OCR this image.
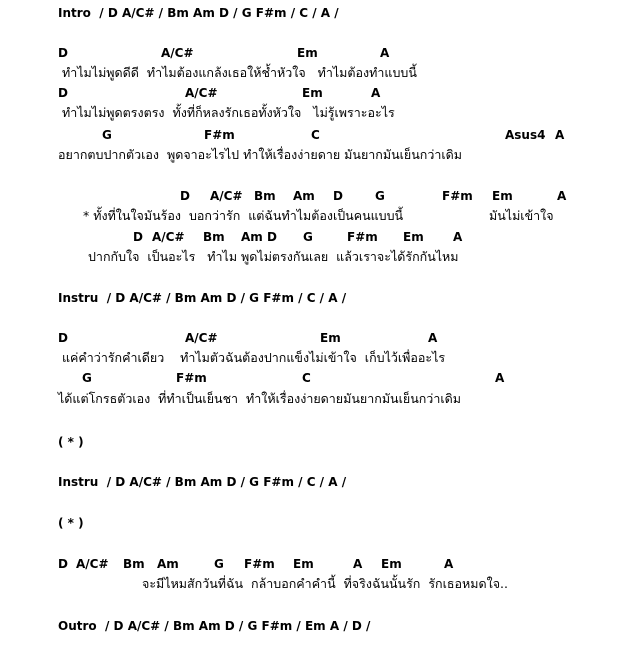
Intro  / D A/C# / Bm Am D / G F#m / C / A /
D	A/C#	Em	A
ทำไมไม่พูดดีดี  ทำไมต้องแกล้งเธอให้ช้ำหัวใจ   ทำไมต้องทำแบบนี้
D	A/C#	Em	A
ทำไมไม่พูดตรงตรง  ทั้งที่ก็หลงรักเธอทั้งหัวใจ   ไม่รู้เพราะอะไร
G	F#m	C	Asus4 A
อยากตบปากตัวเอง  พูดจาอะไรไป ทำให้เรื่องง่ายดาย มันยากมันเย็นกว่าเดิม
D A/C# Bm Am D	G	F#m Em	A
* ทั้งที่ในใจมันร้อง  บอกว่ารัก  แต่ฉันทำไมต้องเป็นคนแบบนี้	มันไม่เข้าใจ
D A/C# Bm Am D G	F#m Em A
ปากกับใจ  เป็นอะไร   ทำไม พูดไม่ตรงกันเลย  แล้วเราจะได้รักกันไหม
Instru  / D A/C# / Bm Am D / G F#m / C / A /
D	A/C#	Em	A
แค่คำว่ารักคำเดียว    ทำไมตัวฉันต้องปากแข็งไม่เข้าใจ  เก็บไว้เพื่ออะไร
G	F#m	C	A
ได้แต่โกรธตัวเอง  ที่ทำเป็นเย็นชา  ทำให้เรื่องง่ายดายมันยากมันเย็นกว่าเดิม
( * )
Instru  / D A/C# / Bm Am D / G F#m / C / A /
( * )
D A/C# Bm Am	G F#m Em	A Em	A
จะมีไหมสักวันที่ฉัน  กล้าบอกคำคำนี้  ที่จริงฉันนั้นรัก  รักเธอหมดใจ..
Outro  / D A/C# / Bm Am D / G F#m / Em A / D /
